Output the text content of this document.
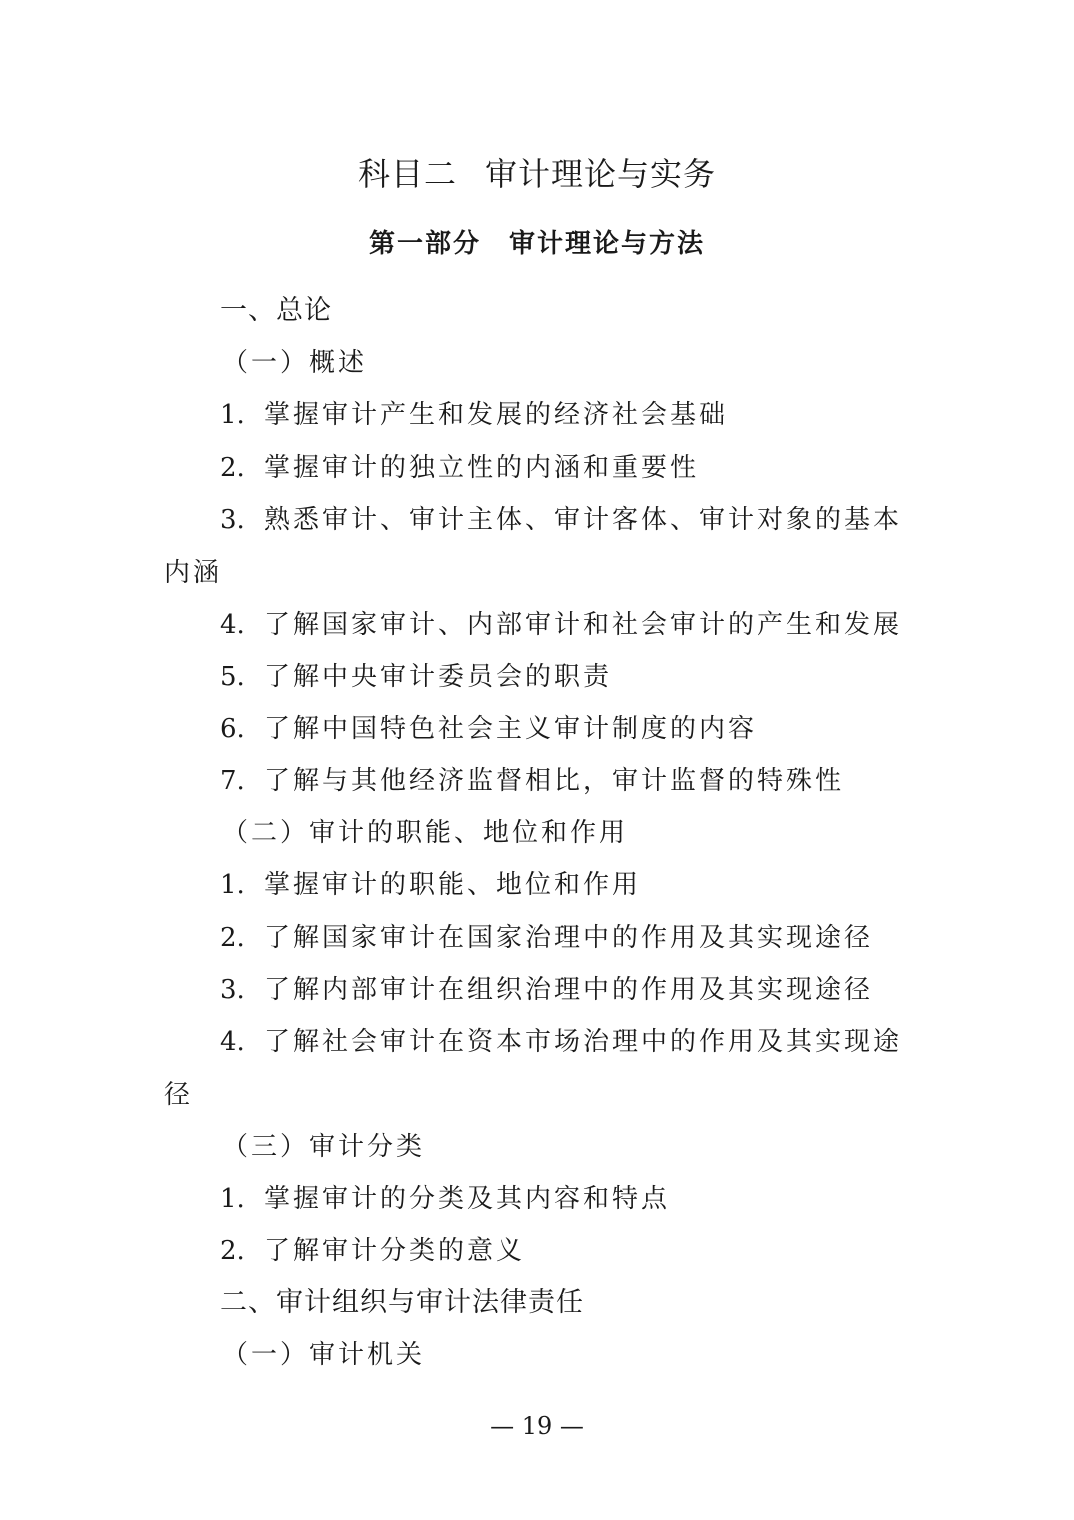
科目二 审计理论与实务
第一部分 审计理论与方法
一、总论
（一）概述
1. 掌握审计产生和发展的经济社会基础
2. 掌握审计的独立性的内涵和重要性
3. 熟悉审计、审计主体、审计客体、审计对象的基本
内涵
4. 了解国家审计、内部审计和社会审计的产生和发展
5. 了解中央审计委员会的职责
6. 了解中国特色社会主义审计制度的内容
7. 了解与其他经济监督相比，审计监督的特殊性
（二）审计的职能、地位和作用
1. 掌握审计的职能、地位和作用
2. 了解国家审计在国家治理中的作用及其实现途径
3. 了解内部审计在组织治理中的作用及其实现途径
4. 了解社会审计在资本市场治理中的作用及其实现途
径
（三）审计分类
1. 掌握审计的分类及其内容和特点
2. 了解审计分类的意义
二、审计组织与审计法律责任
（一）审计机关
— 19 —
